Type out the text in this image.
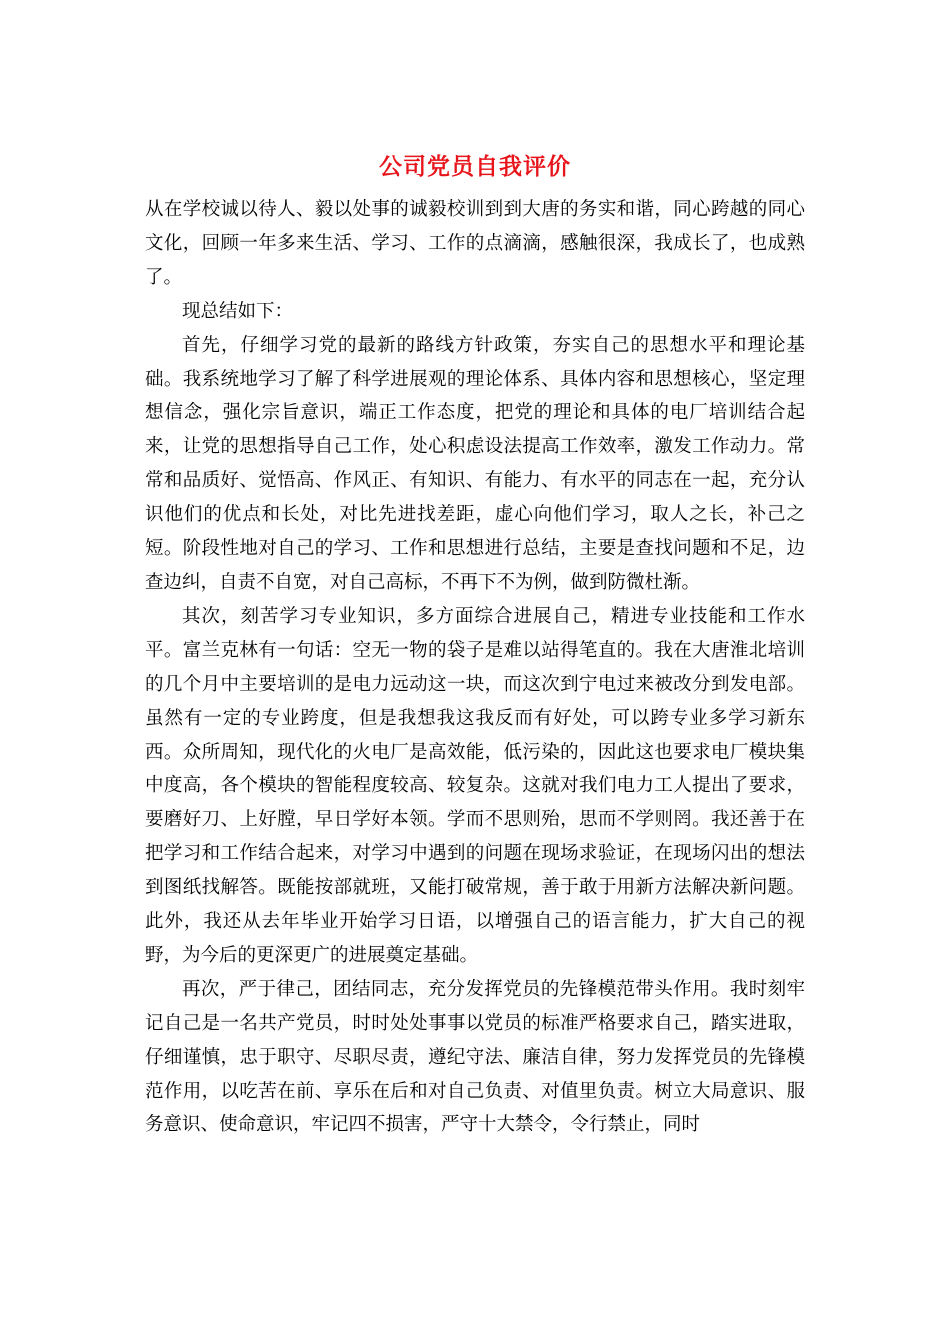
公司党员自我评价

从在学校诚以待人、毅以处事的诚毅校训到到大唐的务实和谐，同心跨越的同心文化，回顾一年多来生活、学习、工作的点滴滴，感触很深，我成长了，也成熟了。

现总结如下：

首先，仔细学习党的最新的路线方针政策，夯实自己的思想水平和理论基础。我系统地学习了解了科学进展观的理论体系、具体内容和思想核心，坚定理想信念，强化宗旨意识，端正工作态度，把党的理论和具体的电厂培训结合起来，让党的思想指导自己工作，处心积虑设法提高工作效率，激发工作动力。常常和品质好、觉悟高、作风正、有知识、有能力、有水平的同志在一起，充分认识他们的优点和长处，对比先进找差距，虚心向他们学习，取人之长，补己之短。阶段性地对自己的学习、工作和思想进行总结，主要是查找问题和不足，边查边纠，自责不自宽，对自己高标，不再下不为例，做到防微杜渐。

其次，刻苦学习专业知识，多方面综合进展自己，精进专业技能和工作水平。富兰克林有一句话：空无一物的袋子是难以站得笔直的。我在大唐淮北培训的几个月中主要培训的是电力远动这一块，而这次到宁电过来被改分到发电部。虽然有一定的专业跨度，但是我想我这我反而有好处，可以跨专业多学习新东西。众所周知，现代化的火电厂是高效能，低污染的，因此这也要求电厂模块集中度高，各个模块的智能程度较高、较复杂。这就对我们电力工人提出了要求，要磨好刀、上好膛，早日学好本领。学而不思则殆，思而不学则罔。我还善于在把学习和工作结合起来，对学习中遇到的问题在现场求验证，在现场闪出的想法到图纸找解答。既能按部就班，又能打破常规，善于敢于用新方法解决新问题。此外，我还从去年毕业开始学习日语，以增强自己的语言能力，扩大自己的视野，为今后的更深更广的进展奠定基础。

再次，严于律己，团结同志，充分发挥党员的先锋模范带头作用。我时刻牢记自己是一名共产党员，时时处处事事以党员的标准严格要求自己，踏实进取，仔细谨慎，忠于职守、尽职尽责，遵纪守法、廉洁自律，努力发挥党员的先锋模范作用，以吃苦在前、享乐在后和对自己负责、对值里负责。树立大局意识、服务意识、使命意识，牢记四不损害，严守十大禁令，令行禁止，同时
